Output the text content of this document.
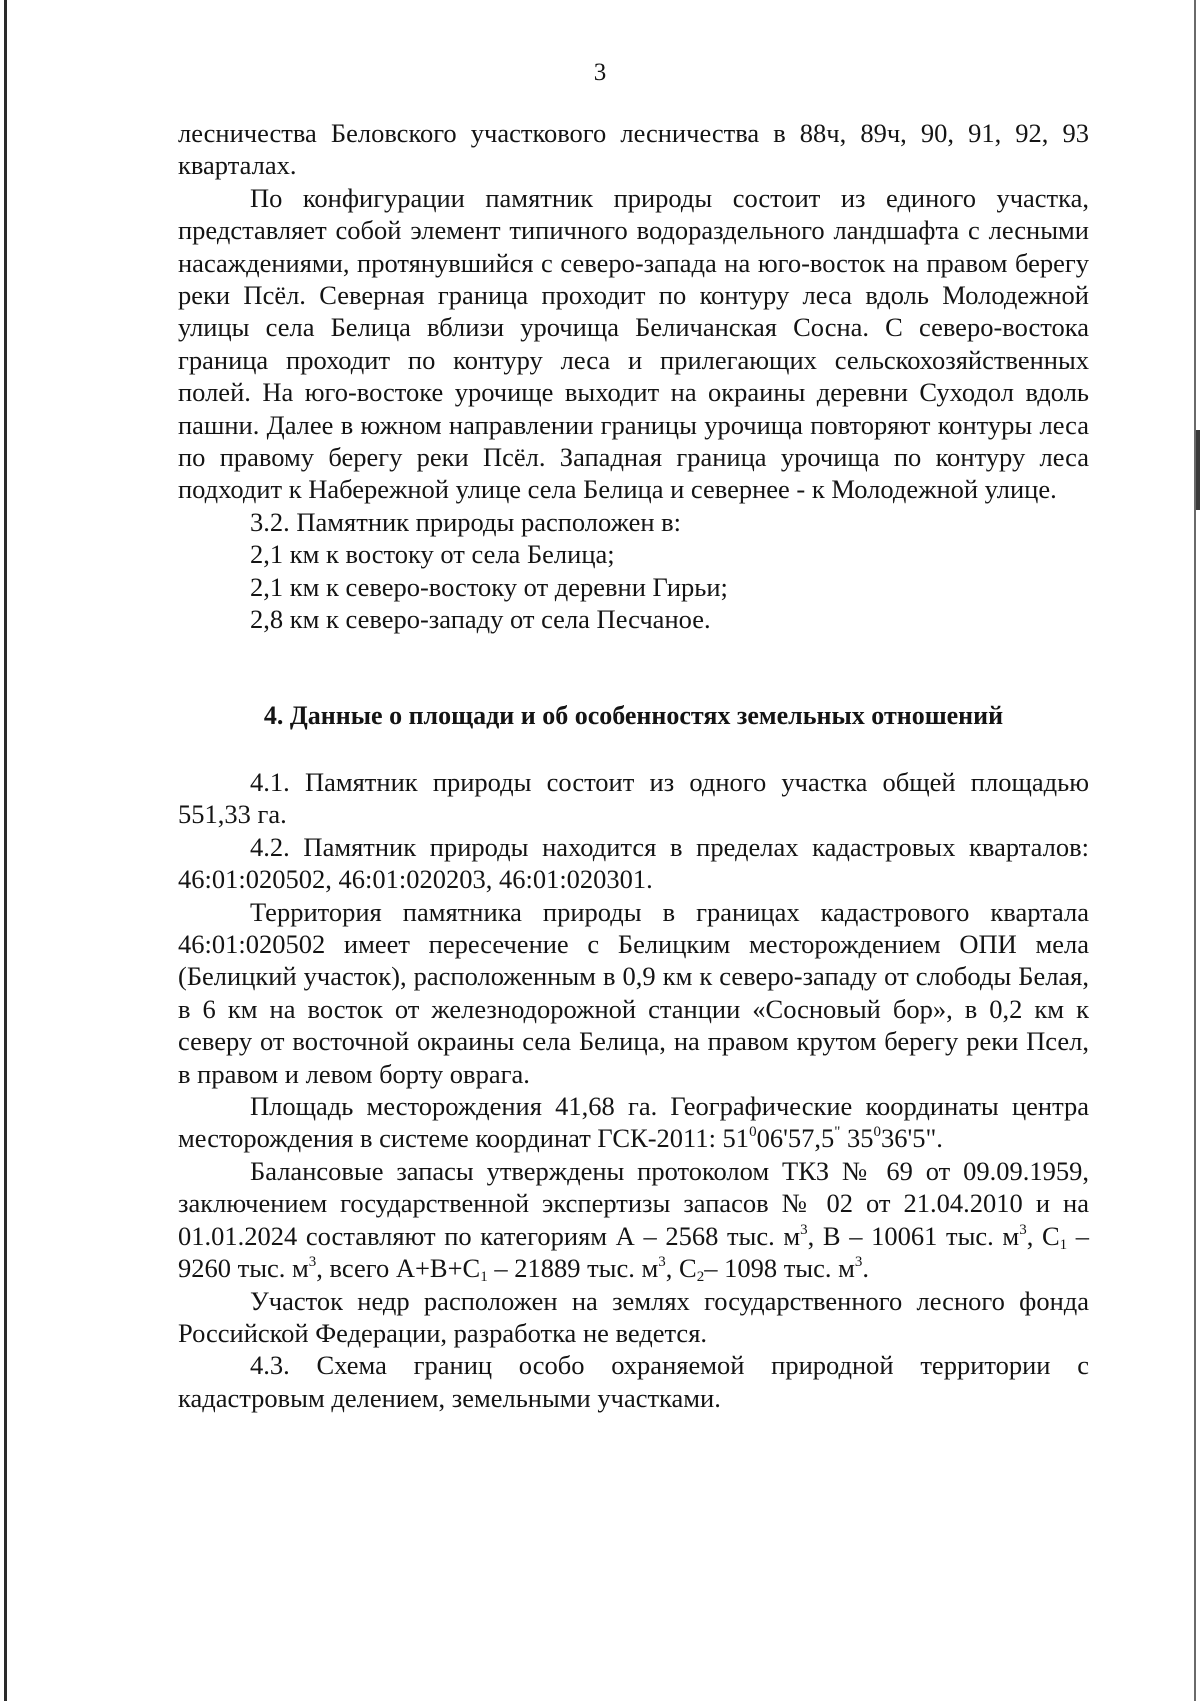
3

лесничества Беловского участкового лесничества в 88ч, 89ч, 90, 91, 92, 93 кварталах.

По конфигурации памятник природы состоит из единого участка, представляет собой элемент типичного водораздельного ландшафта с лесными насаждениями, протянувшийся с северо-запада на юго-восток на правом берегу реки Псёл. Северная граница проходит по контуру леса вдоль Молодежной улицы села Белица вблизи урочища Беличанская Сосна. С северо-востока граница проходит по контуру леса и прилегающих сельскохозяйственных полей. На юго-востоке урочище выходит на окраины деревни Суходол вдоль пашни. Далее в южном направлении границы урочища повторяют контуры леса по правому берегу реки Псёл. Западная граница урочища по контуру леса подходит к Набережной улице села Белица и севернее - к Молодежной улице.

3.2. Памятник природы расположен в:

2,1 км к востоку от села Белица;

2,1 км к северо-востоку от деревни Гирьи;

2,8 км к северо-западу от села Песчаное.

4. Данные о площади и об особенностях земельных отношений

4.1. Памятник природы состоит из одного участка общей площадью 551,33 га.

4.2. Памятник природы находится в пределах кадастровых кварталов: 46:01:020502, 46:01:020203, 46:01:020301.

Территория памятника природы в границах кадастрового квартала 46:01:020502 имеет пересечение с Белицким месторождением ОПИ мела (Белицкий участок), расположенным в 0,9 км к северо-западу от слободы Белая, в 6 км на восток от железнодорожной станции «Сосновый бор», в 0,2 км к северу от восточной окраины села Белица, на правом крутом берегу реки Псел, в правом и левом борту оврага.

Площадь месторождения 41,68 га. Географические координаты центра месторождения в системе координат ГСК-2011: $51^006'57,5^"$ $35^036'5$".

Балансовые запасы утверждены протоколом ТКЗ № 69 от 09.09.1959, заключением государственной экспертизы запасов № 02 от 21.04.2010 и на 01.01.2024 составляют по категориям А – 2568 тыс. $м^3$, В – 10061 тыс. $м^3$, $С_1 - 9260$ тыс. $м^3$, всего $А+В+С_1 - 21889$ тыс. $м^3$, $С_2-$ 1098 тыс. $м^3$.

Участок недр расположен на землях государственного лесного фонда Российской Федерации, разработка не ведется.

4.3. Схема границ особо охраняемой природной территории с кадастровым делением, земельными участками.
